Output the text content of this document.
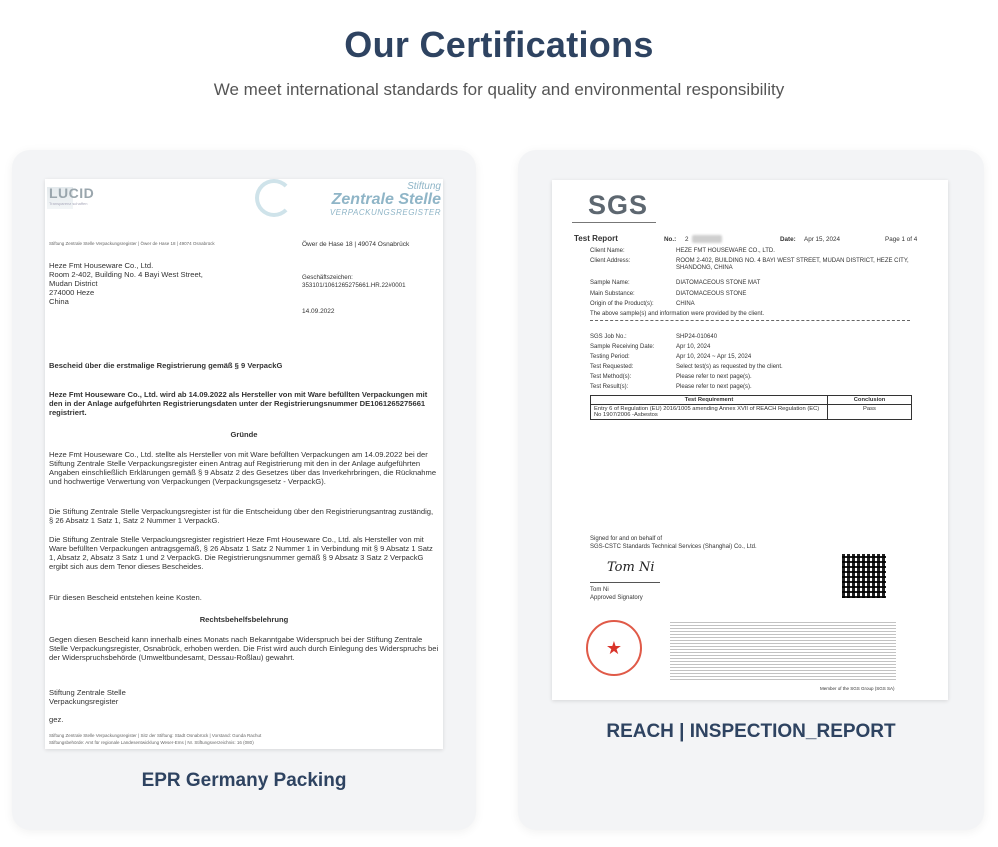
Our Certifications
We meet international standards for quality and environmental responsibility
LUCID
Transparenz schaffen
Stiftung
Zentrale Stelle
VERPACKUNGSREGISTER
Stiftung Zentrale Stelle Verpackungsregister | Öwer de Hase 18 | 49074 Osnabrück	Öwer de Hase 18 | 49074 Osnabrück
Heze Fmt Houseware Co., Ltd.
Room 2-402, Building No. 4 Bayi West Street,
Mudan District
274000 Heze
China
Geschäftszeichen:
353101/1061265275661.HR.22#0001
14.09.2022
Bescheid über die erstmalige Registrierung gemäß § 9 VerpackG
Heze Fmt Houseware Co., Ltd. wird ab 14.09.2022 als Hersteller von mit Ware befüllten Verpackungen mit den in der Anlage aufgeführten Registrierungsdaten unter der Registrierungsnummer DE1061265275661 registriert.
Gründe
Heze Fmt Houseware Co., Ltd. stellte als Hersteller von mit Ware befüllten Verpackungen am 14.09.2022 bei der Stiftung Zentrale Stelle Verpackungsregister einen Antrag auf Registrierung mit den in der Anlage aufgeführten Angaben einschließlich Erklärungen gemäß § 9 Absatz 2 des Gesetzes über das Inverkehrbringen, die Rücknahme und hochwertige Verwertung von Verpackungen (Verpackungsgesetz - VerpackG).
Die Stiftung Zentrale Stelle Verpackungsregister ist für die Entscheidung über den Registrierungsantrag zuständig, § 26 Absatz 1 Satz 1, Satz 2 Nummer 1 VerpackG.
Die Stiftung Zentrale Stelle Verpackungsregister registriert Heze Fmt Houseware Co., Ltd. als Hersteller von mit Ware befüllten Verpackungen antragsgemäß, § 26 Absatz 1 Satz 2 Nummer 1 in Verbindung mit § 9 Absatz 1 Satz 1, Absatz 2, Absatz 3 Satz 1 und 2 VerpackG. Die Registrierungsnummer gemäß § 9 Absatz 3 Satz 2 VerpackG ergibt sich aus dem Tenor dieses Bescheides.
Für diesen Bescheid entstehen keine Kosten.
Rechtsbehelfsbelehrung
Gegen diesen Bescheid kann innerhalb eines Monats nach Bekanntgabe Widerspruch bei der Stiftung Zentrale Stelle Verpackungsregister, Osnabrück, erhoben werden. Die Frist wird auch durch Einlegung des Widerspruchs bei der Widerspruchsbehörde (Umweltbundesamt, Dessau-Roßlau) gewahrt.
Stiftung Zentrale Stelle
Verpackungsregister
gez.
Stiftung Zentrale Stelle Verpackungsregister | Sitz der Stiftung: Stadt Osnabrück | Vorstand: Gunda Rachut
Stiftungsbehörde: Amt für regionale Landesentwicklung Weser-Ems | Nr. Stiftungsverzeichnis: 16 (080)
EPR Germany Packing
SGS
Test Report	No.: 2	Date: Apr 15, 2024	Page 1 of 4
Client Name:	HEZE FMT HOUSEWARE CO., LTD.
Client Address:	ROOM 2-402, BUILDING NO. 4 BAYI WEST STREET, MUDAN DISTRICT, HEZE CITY, SHANDONG, CHINA
Sample Name:	DIATOMACEOUS STONE MAT
Main Substance:	DIATOMACEOUS STONE
Origin of the Product(s):	CHINA
The above sample(s) and information were provided by the client.
SGS Job No.:	SHP24-010640
Sample Receiving Date:	Apr 10, 2024
Testing Period:	Apr 10, 2024 ~ Apr 15, 2024
Test Requested:	Select test(s) as requested by the client.
Test Method(s):	Please refer to next page(s).
Test Result(s):	Please refer to next page(s).
Test Requirement	Conclusion
Entry 6 of Regulation (EU) 2016/1005 amending Annex XVII of REACH Regulation (EC) No 1907/2006 -Asbestos	Pass
Signed for and on behalf of
SGS-CSTC Standards Technical Services (Shanghai) Co., Ltd.
Tom Ni
Tom Ni
Approved Signatory
★
Member of the SGS Group (SGS SA)
REACH | INSPECTION_REPORT
